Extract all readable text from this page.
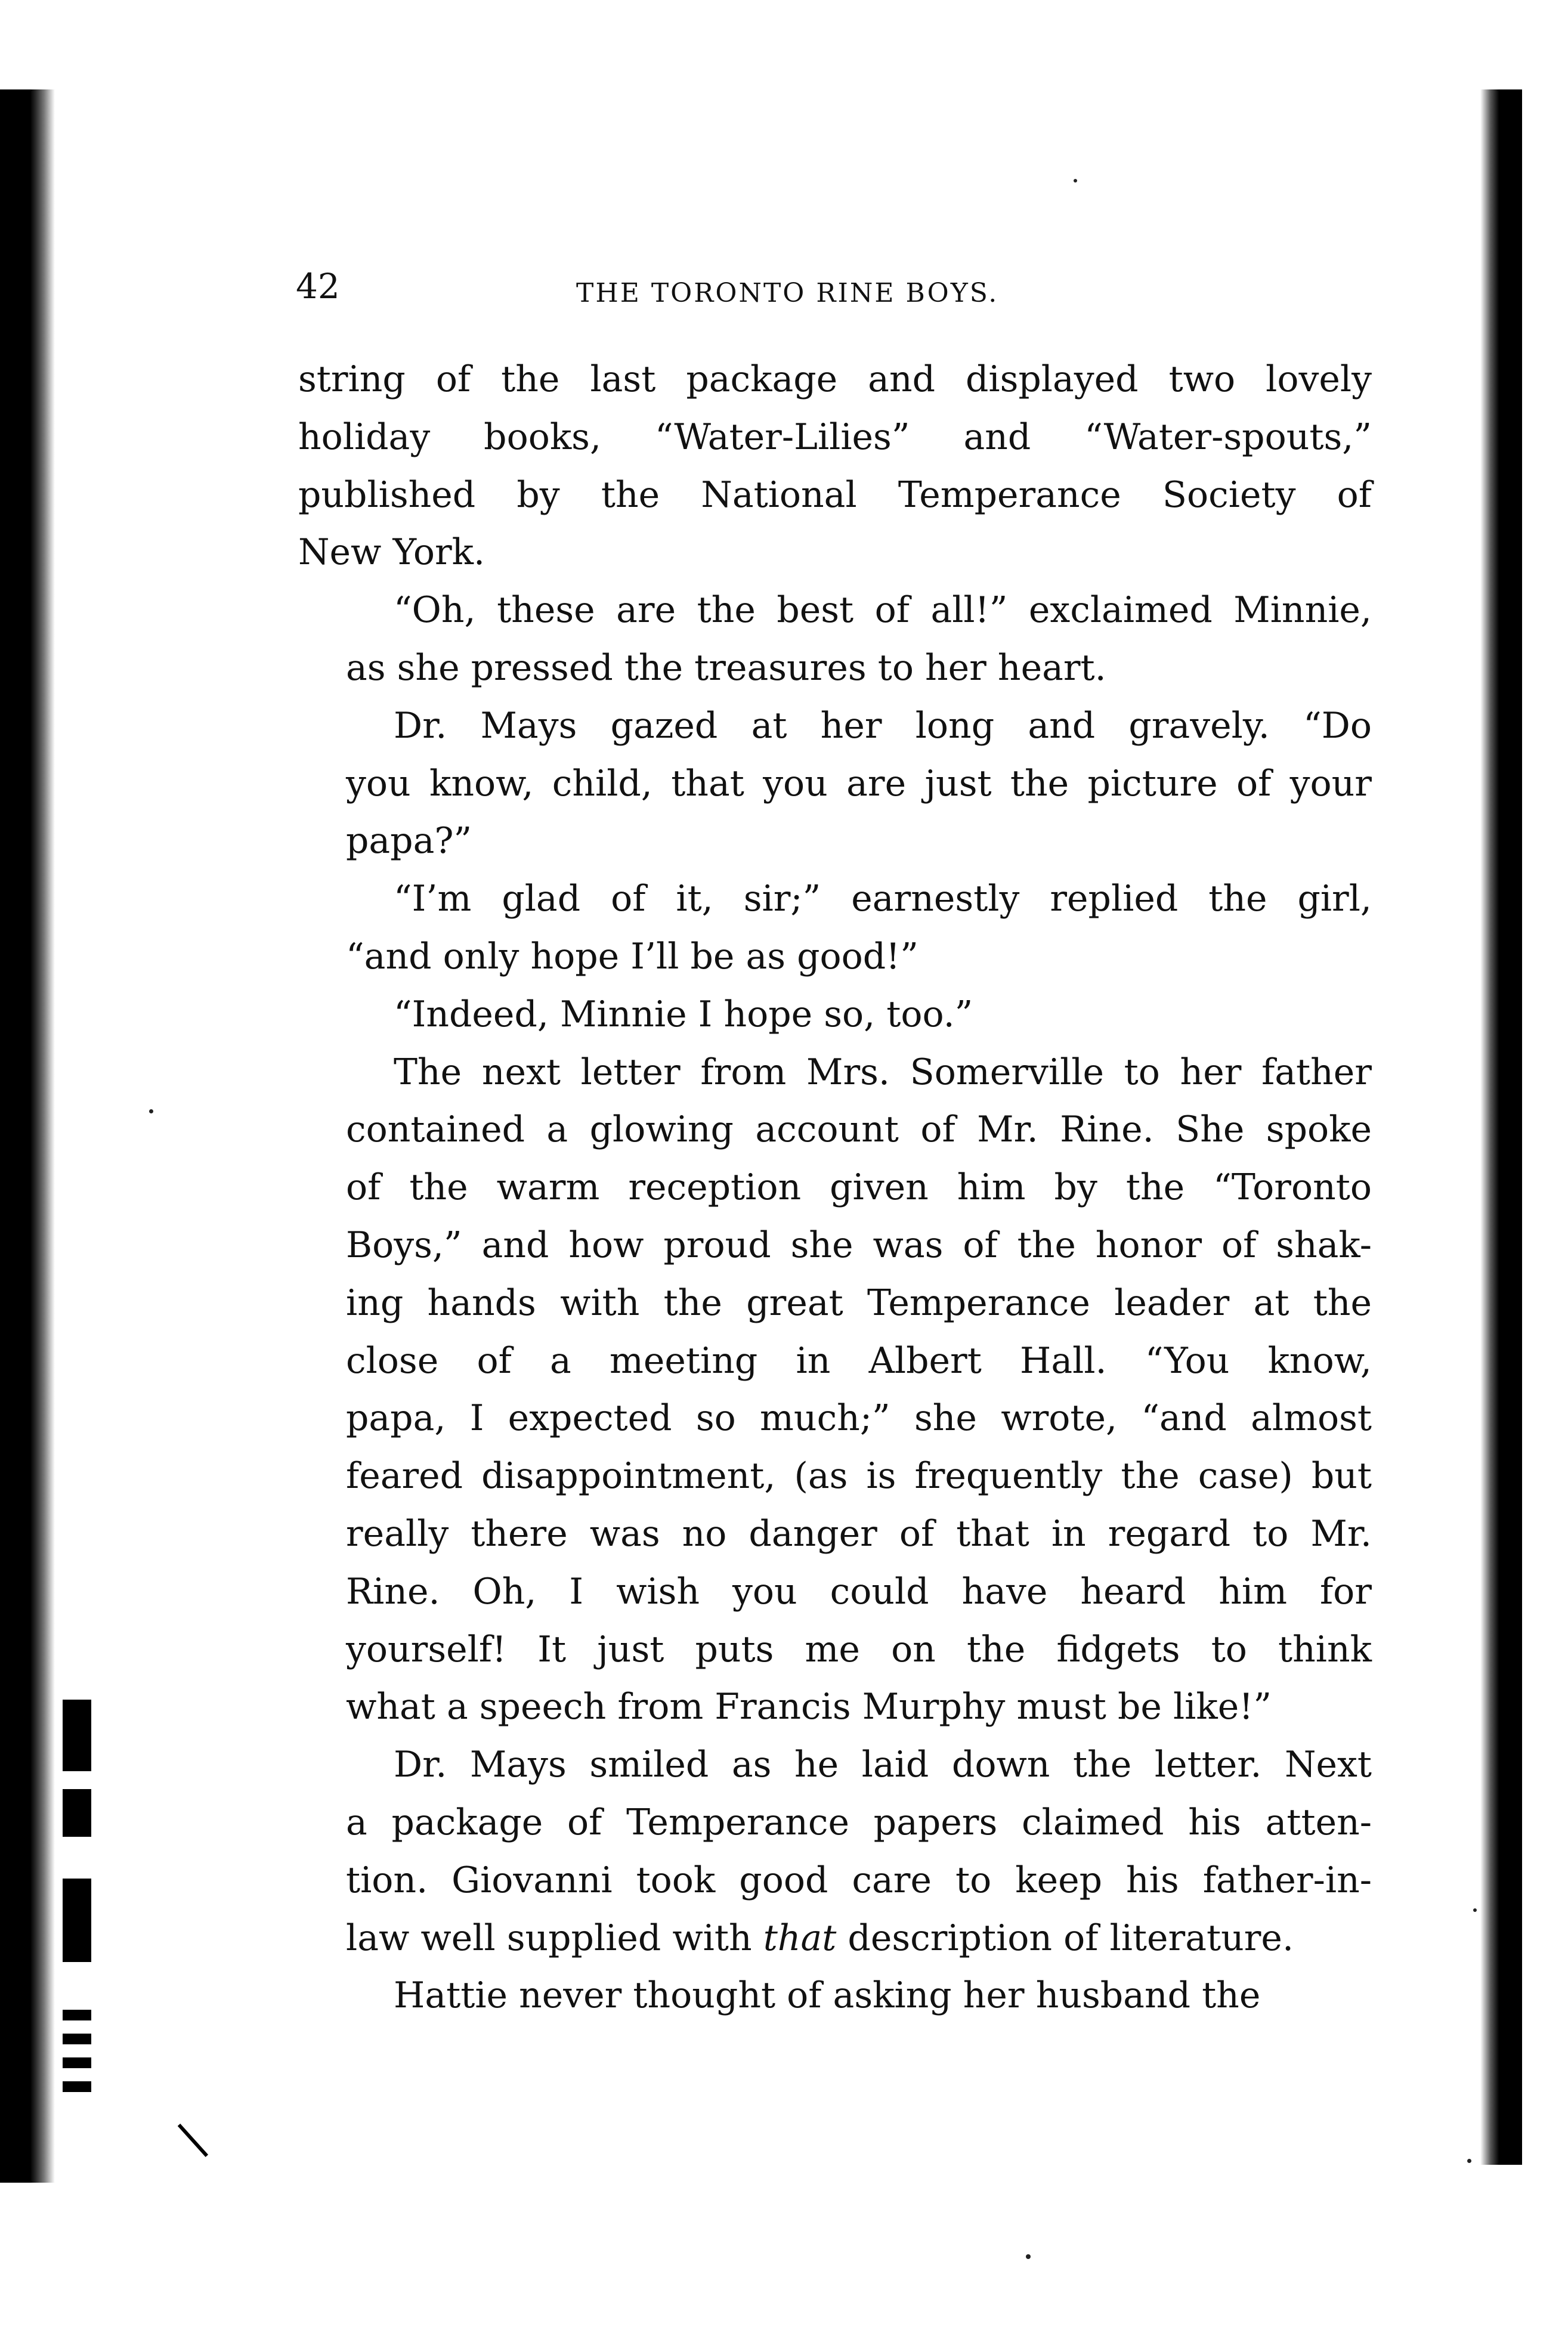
42	THE TORONTO RINE BOYS.
string of the last package and displayed two lovely
holiday books, “Water-Lilies” and “Water-spouts,”
published by the National Temperance Society of
New York.
“Oh, these are the best of all!” exclaimed Minnie,
as she pressed the treasures to her heart.
Dr. Mays gazed at her long and gravely. “Do
you know, child, that you are just the picture of your
papa?”
“I’m glad of it, sir;” earnestly replied the girl,
“and only hope I’ll be as good!”
“Indeed, Minnie I hope so, too.”
The next letter from Mrs. Somerville to her father
contained a glowing account of Mr. Rine. She spoke
of the warm reception given him by the “Toronto
Boys,” and how proud she was of the honor of shak-
ing hands with the great Temperance leader at the
close of a meeting in Albert Hall. “You know,
papa, I expected so much;” she wrote, “and almost
feared disappointment, (as is frequently the case) but
really there was no danger of that in regard to Mr.
Rine. Oh, I wish you could have heard him for
yourself! It just puts me on the fidgets to think
what a speech from Francis Murphy must be like!”
Dr. Mays smiled as he laid down the letter. Next
a package of Temperance papers claimed his atten-
tion. Giovanni took good care to keep his father-in-
law well supplied with that description of literature.
Hattie never thought of asking her husband the
